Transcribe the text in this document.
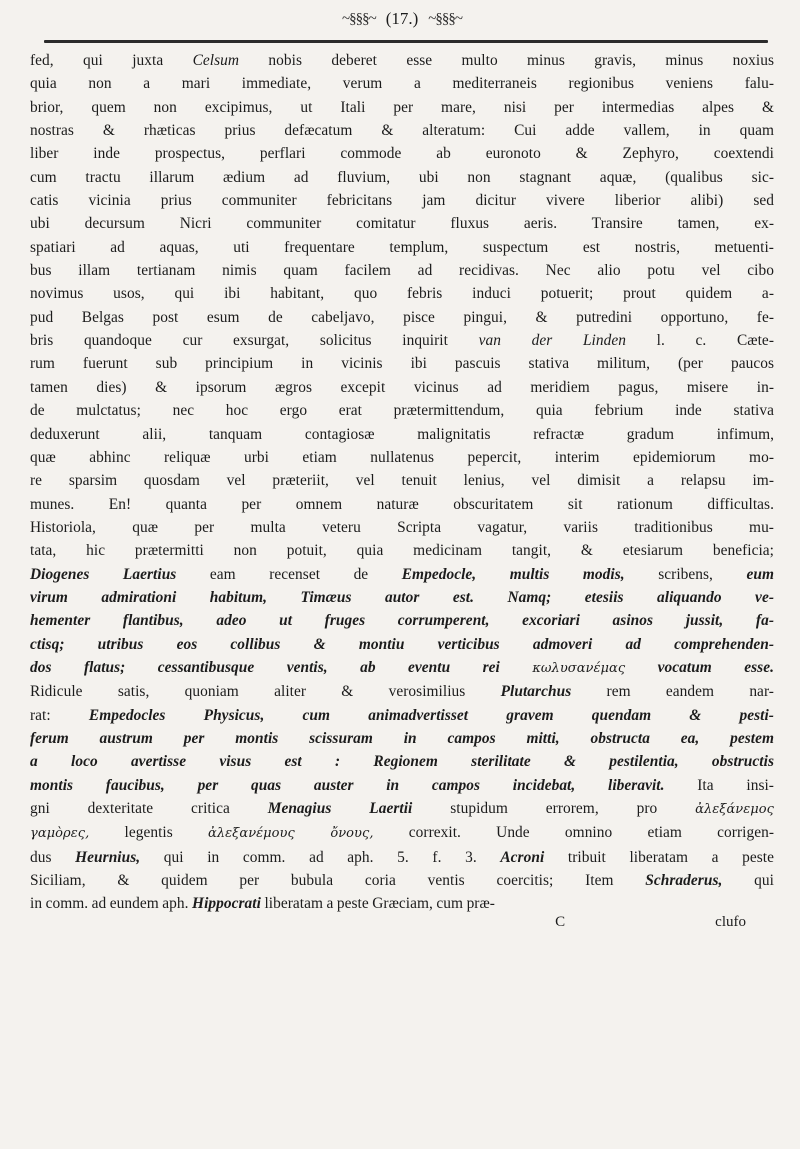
~§§§~ (17.) ~§§§~

fed, qui juxta Celsum nobis deberet esse multo minus gravis, minus noxius

quia non a mari immediate, verum a mediterraneis regionibus veniens falu-

brior, quem non excipimus, ut Itali per mare, nisi per intermedias alpes &

nostras & rhæticas prius defæcatum & alteratum: Cui adde vallem, in quam

liber inde prospectus, perflari commode ab euronoto & Zephyro, coextendi

cum tractu illarum ædium ad fluvium, ubi non stagnant aquæ, (qualibus sic-

catis vicinia prius communiter febricitans jam dicitur vivere liberior alibi) sed

ubi decursum Nicri communiter comitatur fluxus aeris. Transire tamen, ex-

spatiari ad aquas, uti frequentare templum, suspectum est nostris, metuenti-

bus illam tertianam nimis quam facilem ad recidivas. Nec alio potu vel cibo

novimus usos, qui ibi habitant, quo febris induci potuerit; prout quidem a-

pud Belgas post esum de cabeljavo, pisce pingui, & putredini opportuno, fe-

bris quandoque cur exsurgat, solicitus inquirit van der Linden l. c. Cæte-

rum fuerunt sub principium in vicinis ibi pascuis stativa militum, (per paucos

tamen dies) & ipsorum ægros excepit vicinus ad meridiem pagus, misere in-

de mulctatus; nec hoc ergo erat prætermittendum, quia febrium inde stativa

deduxerunt alii, tanquam contagiosæ malignitatis refractæ gradum infimum,

quæ abhinc reliquæ urbi etiam nullatenus pepercit, interim epidemiorum mo-

re sparsim quosdam vel præteriit, vel tenuit lenius, vel dimisit a relapsu im-

munes. En! quanta per omnem naturæ obscuritatem sit rationum difficultas.

Historiola, quæ per multa veteru Scripta vagatur, variis traditionibus mu-

tata, hic prætermitti non potuit, quia medicinam tangit, & etesiarum beneficia;

Diogenes Laertius eam recenset de Empedocle, multis modis, scribens, eum

virum admirationi habitum, Timæus autor est. Namq; etesiis aliquando ve-

hementer flantibus, adeo ut fruges corrumperent, excoriari asinos jussit, fa-

ctisq; utribus eos collibus & montiu verticibus admoveri ad comprehenden-

dos flatus; cessantibusque ventis, ab eventu rei κωλυσανέμας vocatum esse.

Ridicule satis, quoniam aliter & verosimilius Plutarchus rem eandem nar-

rat: Empedocles Physicus, cum animadvertisset gravem quendam & pesti-

ferum austrum per montis scissuram in campos mitti, obstructa ea, pestem

a loco avertisse visus est : Regionem sterilitate & pestilentia, obstructis

montis faucibus, per quas auster in campos incidebat, liberavit. Ita insi-

gni dexteritate critica Menagius Laertii stupidum errorem, pro ἀλεξάνεμος

γαμὸρες, legentis ἀλεξανέμους ὄνους, correxit. Unde omnino etiam corrigen-

dus Heurnius, qui in comm. ad aph. 5. f. 3. Acroni tribuit liberatam a peste

Siciliam, & quidem per bubula coria ventis coercitis; Item Schraderus, qui

in comm. ad eundem aph. Hippocrati liberatam a peste Græciam, cum præ-

C	clufo
